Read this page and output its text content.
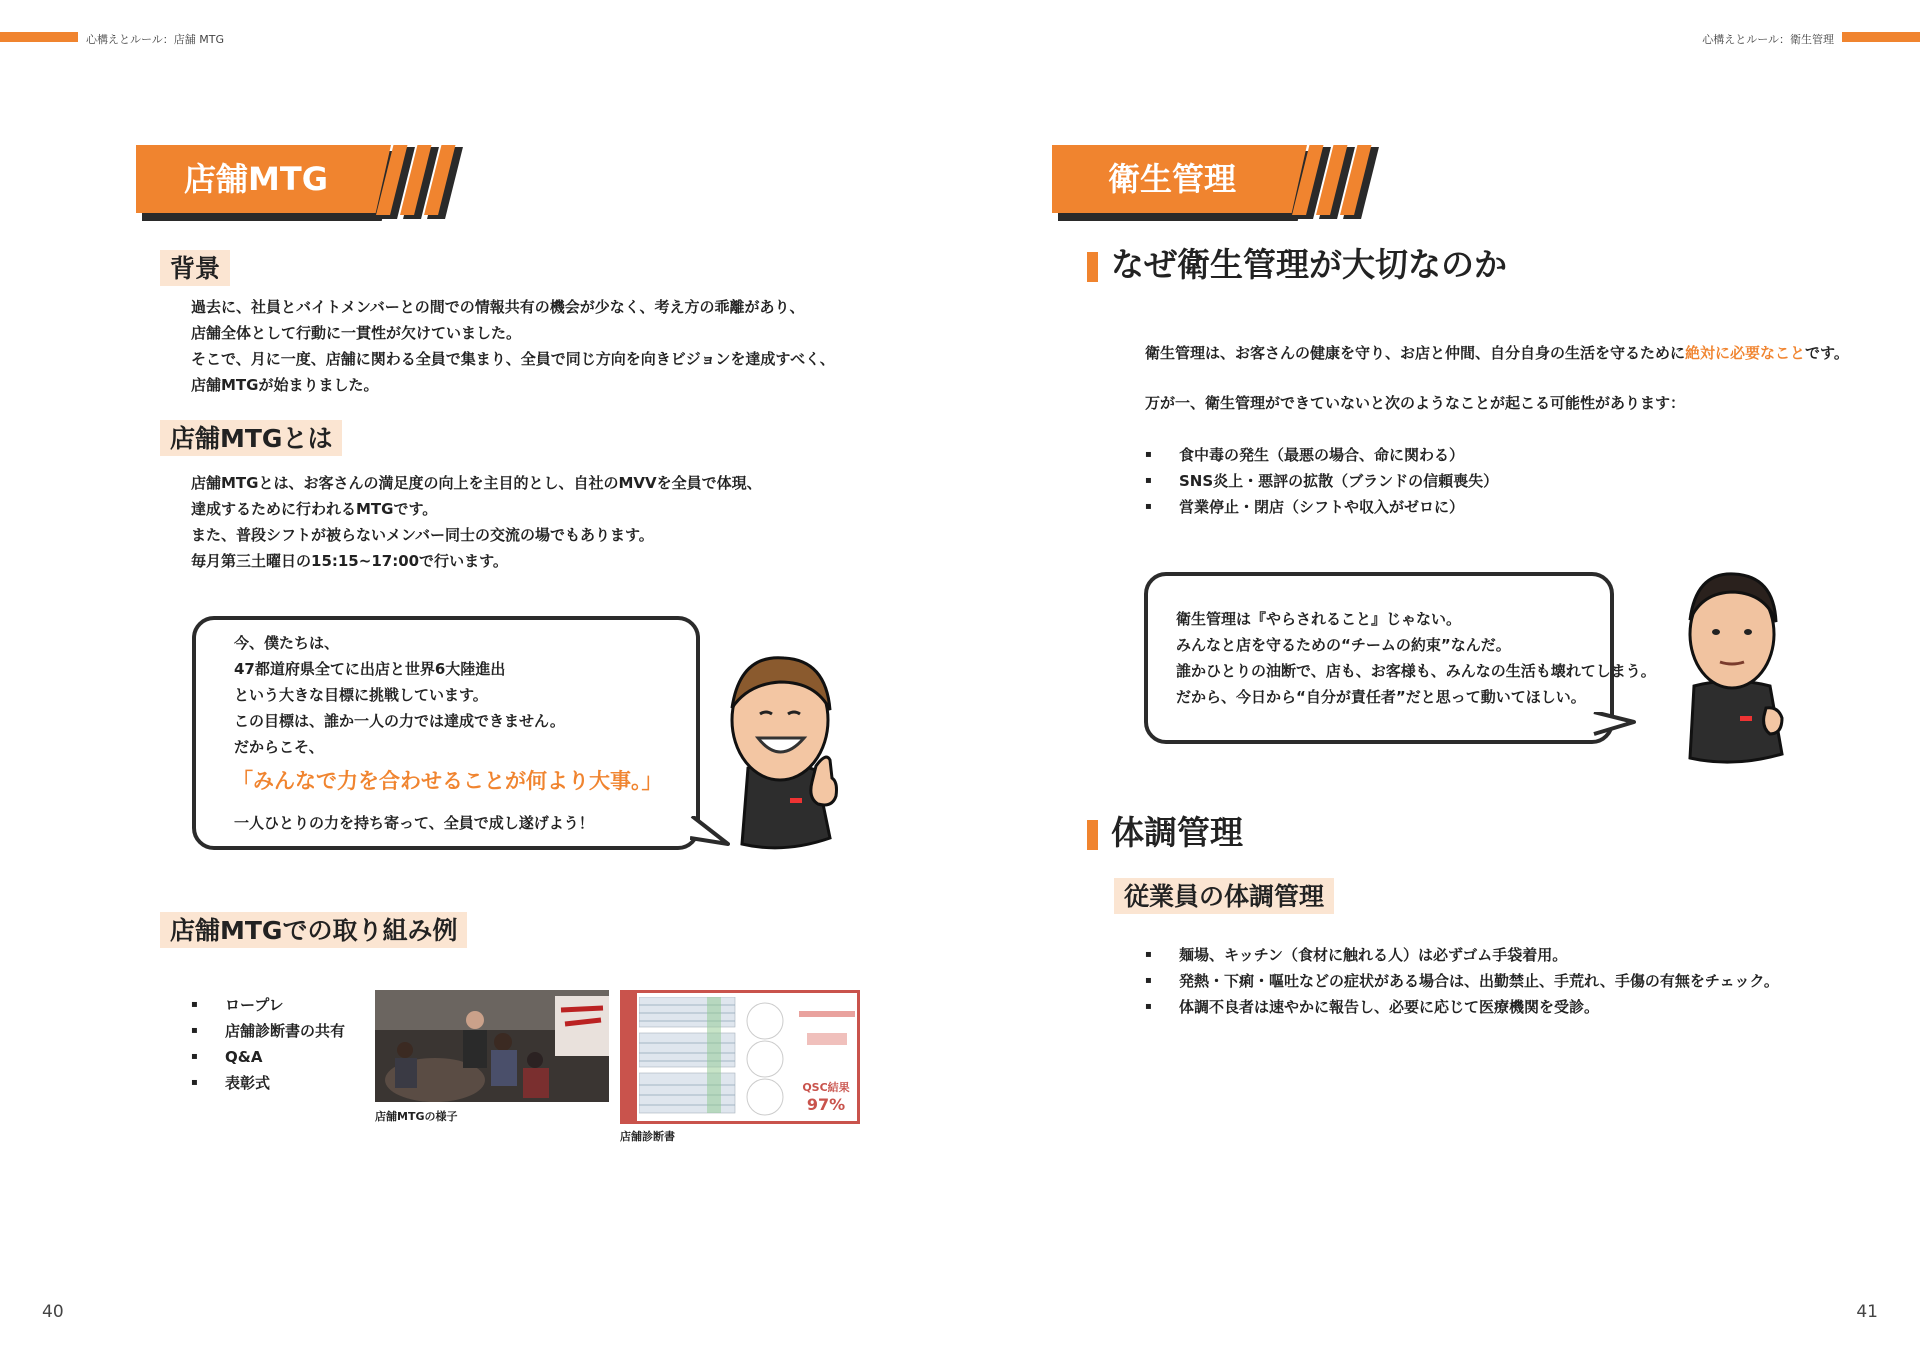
心構えとルール：店舗 MTG
店舗MTG
背景

過去に、社員とバイトメンバーとの間での情報共有の機会が少なく、考え方の乖離があり、

店舗全体として行動に一貫性が欠けていました。

そこで、月に一度、店舗に関わる全員で集まり、全員で同じ方向を向きビジョンを達成すべく、

店舗MTGが始まりました。

店舗MTGとは

店舗MTGとは、お客さんの満足度の向上を主目的とし、自社のMVVを全員で体現、

達成するために行われるMTGです。

また、普段シフトが被らないメンバー同士の交流の場でもあります。

毎月第三土曜日の15:15~17:00で行います。

今、僕たちは、

47都道府県全てに出店と世界6大陸進出

という大きな目標に挑戦しています。

この目標は、誰か一人の力では達成できません。

だからこそ、

「みんなで力を合わせることが何より大事。」
一人ひとりの力を持ち寄って、全員で成し遂げよう！
店舗MTGでの取り組み例
▪ ロープレ
▪ 店舗診断書の共有
▪ Q&A
▪ 表彰式
店舗MTGの様子
QSC結果
97%
店舗診断書
40
心構えとルール：衛生管理
衛生管理
なぜ衛生管理が大切なのか

衛生管理は、お客さんの健康を守り、お店と仲間、自分自身の生活を守るために絶対に必要なことです。

万が一、衛生管理ができていないと次のようなことが起こる可能性があります：
▪ 食中毒の発生（最悪の場合、命に関わる）
▪ SNS炎上・悪評の拡散（ブランドの信頼喪失）
▪ 営業停止・閉店（シフトや収入がゼロに）

衛生管理は『やらされること』じゃない。

みんなと店を守るための“チームの約束”なんだ。

誰かひとりの油断で、店も、お客様も、みんなの生活も壊れてしまう。

だから、今日から“自分が責任者”だと思って動いてほしい。

体調管理
従業員の体調管理
▪ 麺場、キッチン（食材に触れる人）は必ずゴム手袋着用。
▪ 発熱・下痢・嘔吐などの症状がある場合は、出勤禁止、手荒れ、手傷の有無をチェック。
▪ 体調不良者は速やかに報告し、必要に応じて医療機関を受診。
41
